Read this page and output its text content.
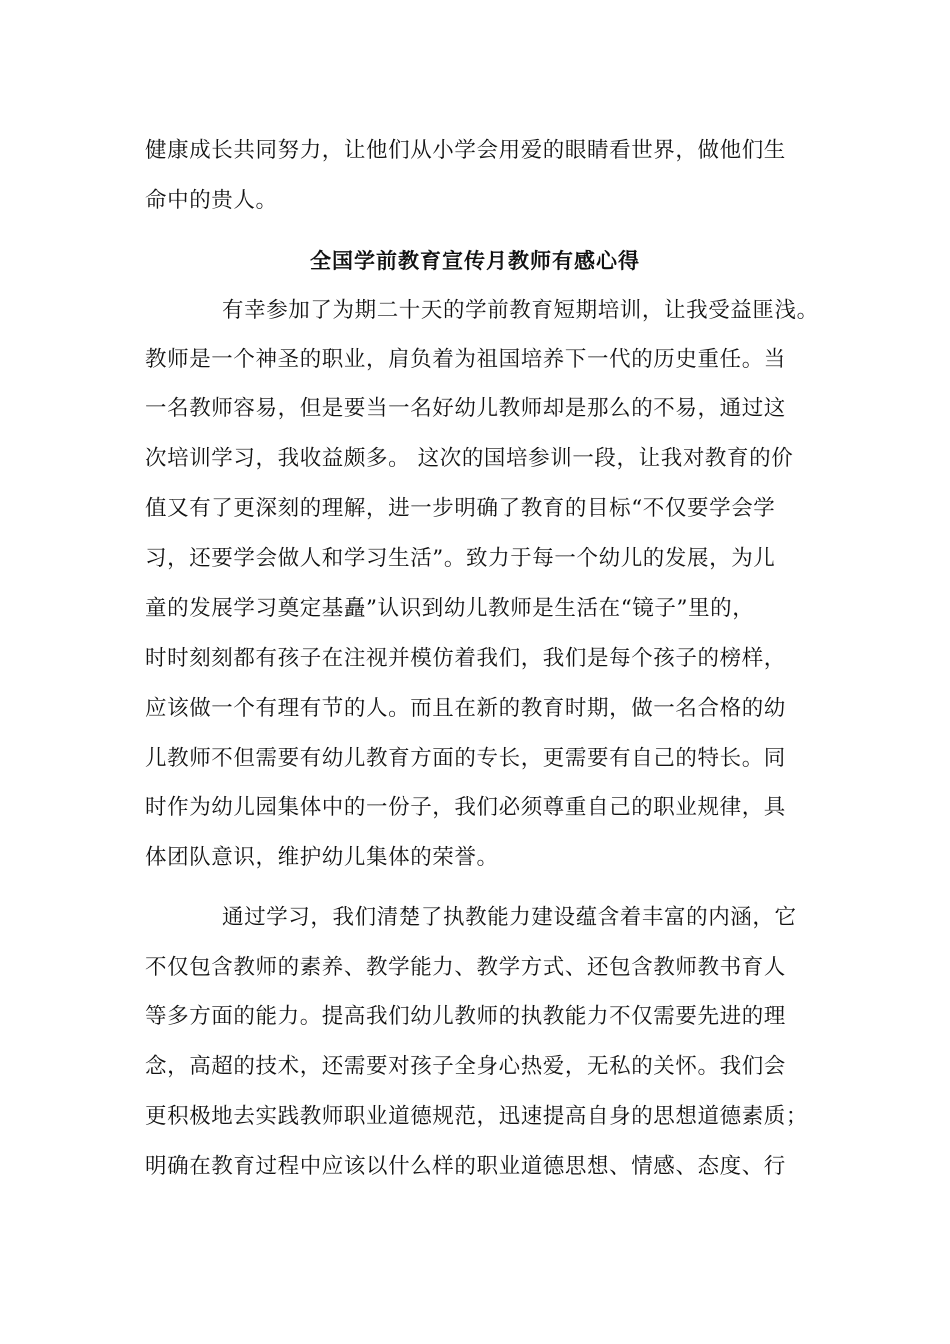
健康成长共同努力，让他们从小学会用爱的眼睛看世界，做他们生
命中的贵人。
全国学前教育宣传月教师有感心得
有幸参加了为期二十天的学前教育短期培训，让我受益匪浅。
教师是一个神圣的职业，肩负着为祖国培养下一代的历史重任。当
一名教师容易，但是要当一名好幼儿教师却是那么的不易，通过这
次培训学习，我收益颇多。 这次的国培参训一段，让我对教育的价
值又有了更深刻的理解，进一步明确了教育的目标“不仅要学会学
习，还要学会做人和学习生活”。致力于每一个幼儿的发展，为儿
童的发展学习奠定基矗”认识到幼儿教师是生活在“镜子”里的，
时时刻刻都有孩子在注视并模仿着我们，我们是每个孩子的榜样，
应该做一个有理有节的人。而且在新的教育时期，做一名合格的幼
儿教师不但需要有幼儿教育方面的专长，更需要有自己的特长。同
时作为幼儿园集体中的一份子，我们必须尊重自己的职业规律，具
体团队意识，维护幼儿集体的荣誉。
通过学习，我们清楚了执教能力建设蕴含着丰富的内涵，它
不仅包含教师的素养、教学能力、教学方式、还包含教师教书育人
等多方面的能力。提高我们幼儿教师的执教能力不仅需要先进的理
念，高超的技术，还需要对孩子全身心热爱，无私的关怀。我们会
更积极地去实践教师职业道德规范，迅速提高自身的思想道德素质；
明确在教育过程中应该以什么样的职业道德思想、情感、态度、行
